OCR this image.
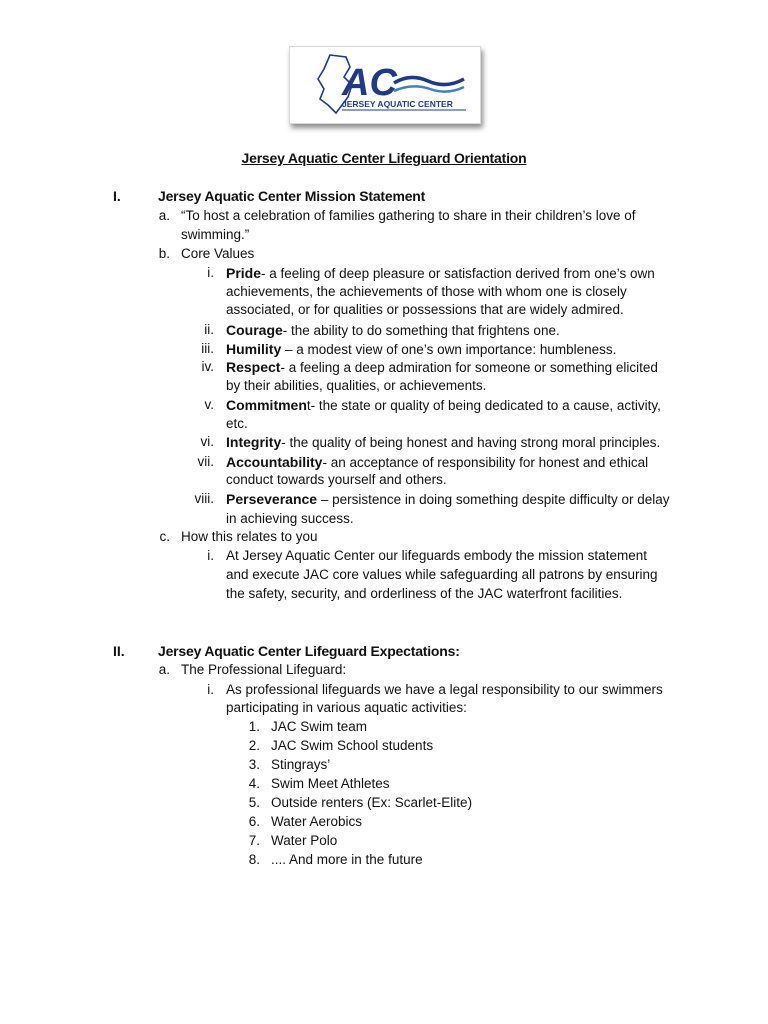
AC
JERSEY AQUATIC CENTER
Jersey Aquatic Center Lifeguard Orientation
I.	Jersey Aquatic Center Mission Statement
a. “To host a celebration of families gathering to share in their children’s love of
swimming.”
b. Core Values
i. Pride- a feeling of deep pleasure or satisfaction derived from one’s own
achievements, the achievements of those with whom one is closely
associated, or for qualities or possessions that are widely admired.
ii. Courage- the ability to do something that frightens one.
iii. Humility – a modest view of one’s own importance: humbleness.
iv. Respect- a feeling a deep admiration for someone or something elicited
by their abilities, qualities, or achievements.
v. Commitment- the state or quality of being dedicated to a cause, activity,
etc.
vi. Integrity- the quality of being honest and having strong moral principles.
vii. Accountability- an acceptance of responsibility for honest and ethical
conduct towards yourself and others.
viii. Perseverance – persistence in doing something despite difficulty or delay
in achieving success.
c. How this relates to you
i. At Jersey Aquatic Center our lifeguards embody the mission statement
and execute JAC core values while safeguarding all patrons by ensuring
the safety, security, and orderliness of the JAC waterfront facilities.
II. Jersey Aquatic Center Lifeguard Expectations:
a. The Professional Lifeguard:
i. As professional lifeguards we have a legal responsibility to our swimmers
participating in various aquatic activities:
1. JAC Swim team
2. JAC Swim School students
3. Stingrays’
4. Swim Meet Athletes
5. Outside renters (Ex: Scarlet-Elite)
6. Water Aerobics
7. Water Polo
8. .... And more in the future
